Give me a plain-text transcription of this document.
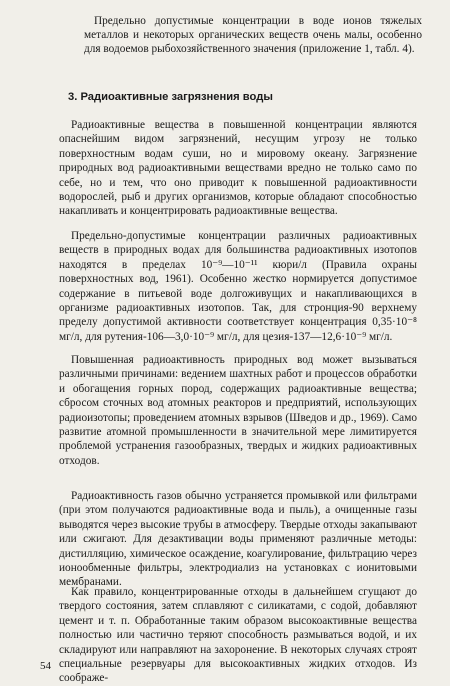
Предельно допустимые концентрации в воде ионов тяжелых металлов и некоторых органических веществ очень малы, особенно для водоемов рыбохозяйственного значения (приложение 1, табл. 4).

3. Радиоактивные загрязнения воды

Радиоактивные вещества в повышенной концентрации являются опаснейшим видом загрязнений, несущим угрозу не только поверхностным водам суши, но и мировому океану. Загрязнение природных вод радиоактивными веществами вредно не только само по себе, но и тем, что оно приводит к повышенной радиоактивности водорослей, рыб и других организмов, которые обладают способностью накапливать и концентрировать радиоактивные вещества.

Предельно-допустимые концентрации различных радиоактивных веществ в природных водах для большинства радиоактивных изотопов находятся в пределах 10⁻⁹—10⁻¹¹ кюри/л (Правила охраны поверхностных вод, 1961). Особенно жестко нормируется допустимое содержание в питьевой воде долгоживущих и накапливающихся в организме радиоактивных изотопов. Так, для стронция-90 верхнему пределу допустимой активности соответствует концентрация 0,35·10⁻⁸ мг/л, для рутения-106—3,0·10⁻⁹ мг/л, для цезия-137—12,6·10⁻⁹ мг/л.

Повышенная радиоактивность природных вод может вызываться различными причинами: ведением шахтных работ и процессов обработки и обогащения горных пород, содержащих радиоактивные вещества; сбросом сточных вод атомных реакторов и предприятий, использующих радиоизотопы; проведением атомных взрывов (Шведов и др., 1969). Само развитие атомной промышленности в значительной мере лимитируется проблемой устранения газообразных, твердых и жидких радиоактивных отходов.

Радиоактивность газов обычно устраняется промывкой или фильтрами (при этом получаются радиоактивные вода и пыль), а очищенные газы выводятся через высокие трубы в атмосферу. Твердые отходы закапывают или сжигают. Для дезактивации воды применяют различные методы: дистилляцию, химическое осаждение, коагулирование, фильтрацию через ионообменные фильтры, электродиализ на установках с ионитовыми мембранами.

Как правило, концентрированные отходы в дальнейшем сгущают до твердого состояния, затем сплавляют с силикатами, с содой, добавляют цемент и т. п. Обработанные таким образом высокоактивные вещества полностью или частично теряют способность размываться водой, и их складируют или направляют на захоронение. В некоторых случаях строят специальные резервуары для высокоактивных жидких отходов. Из соображе-

54
